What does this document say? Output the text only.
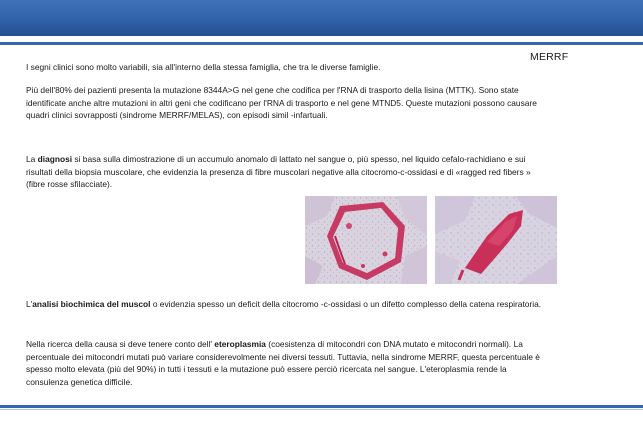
MERRF

I segni clinici sono molto variabili, sia all'interno della stessa famiglia, che tra le diverse famiglie.

Più dell'80% dei pazienti presenta la mutazione 8344A>G nel gene che codifica per l'RNA di trasporto della lisina (MTTK). Sono state identificate anche altre mutazioni in altri geni che codificano per l'RNA di trasporto e nel gene MTND5. Queste mutazioni possono causare quadri clinici sovrapposti (sindrome MERRF/MELAS), con episodi simil -infartuali.

La diagnosi si basa sulla dimostrazione di un accumulo anomalo di lattato nel sangue o, più spesso, nel liquido cefalo-rachidiano e sui risultati della biopsia muscolare, che evidenzia la presenza di fibre muscolari negative alla citocromo-c-ossidasi e di «ragged red fibers » (fibre rosse sfilacciate).

L'analisi biochimica del muscol o evidenzia spesso un deficit della citocromo -c-ossidasi o un difetto complesso della catena respiratoria.

Nella ricerca della causa si deve tenere conto dell' eteroplasmia (coesistenza di mitocondri con DNA mutato e mitocondri normali). La percentuale dei mitocondri mutati può variare considerevolmente nei diversi tessuti. Tuttavia, nella sindrome MERRF, questa percentuale è spesso molto elevata (più del 90%) in tutti i tessuti e la mutazione può essere perciò ricercata nel sangue. L'eteroplasmia rende la consulenza genetica difficile.
